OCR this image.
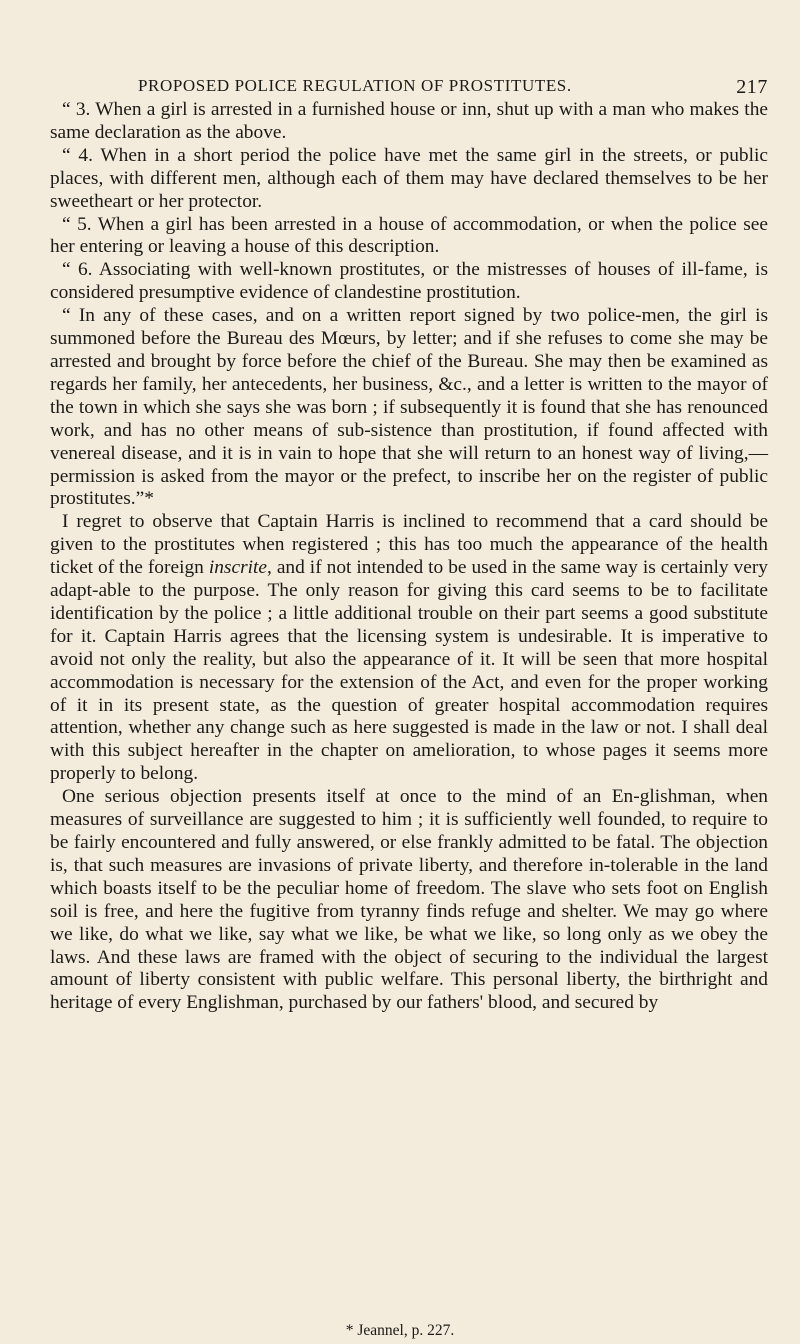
PROPOSED POLICE REGULATION OF PROSTITUTES.	217

“ 3. When a girl is arrested in a furnished house or inn, shut up with a man who makes the same declaration as the above.

“ 4. When in a short period the police have met the same girl in the streets, or public places, with different men, although each of them may have declared themselves to be her sweetheart or her protector.

“ 5. When a girl has been arrested in a house of accommodation, or when the police see her entering or leaving a house of this description.

“ 6. Associating with well-known prostitutes, or the mistresses of houses of ill-fame, is considered presumptive evidence of clandestine prostitution.

“ In any of these cases, and on a written report signed by two police-men, the girl is summoned before the Bureau des Mœurs, by letter; and if she refuses to come she may be arrested and brought by force before the chief of the Bureau. She may then be examined as regards her family, her antecedents, her business, &c., and a letter is written to the mayor of the town in which she says she was born ; if subsequently it is found that she has renounced work, and has no other means of sub-sistence than prostitution, if found affected with venereal disease, and it is in vain to hope that she will return to an honest way of living,— permission is asked from the mayor or the prefect, to inscribe her on the register of public prostitutes.”*

I regret to observe that Captain Harris is inclined to recommend that a card should be given to the prostitutes when registered ; this has too much the appearance of the health ticket of the foreign inscrite, and if not intended to be used in the same way is certainly very adapt-able to the purpose. The only reason for giving this card seems to be to facilitate identification by the police ; a little additional trouble on their part seems a good substitute for it. Captain Harris agrees that the licensing system is undesirable. It is imperative to avoid not only the reality, but also the appearance of it. It will be seen that more hospital accommodation is necessary for the extension of the Act, and even for the proper working of it in its present state, as the question of greater hospital accommodation requires attention, whether any change such as here suggested is made in the law or not. I shall deal with this subject hereafter in the chapter on amelioration, to whose pages it seems more properly to belong.

One serious objection presents itself at once to the mind of an En-glishman, when measures of surveillance are suggested to him ; it is sufficiently well founded, to require to be fairly encountered and fully answered, or else frankly admitted to be fatal. The objection is, that such measures are invasions of private liberty, and therefore in-tolerable in the land which boasts itself to be the peculiar home of freedom. The slave who sets foot on English soil is free, and here the fugitive from tyranny finds refuge and shelter. We may go where we like, do what we like, say what we like, be what we like, so long only as we obey the laws. And these laws are framed with the object of securing to the individual the largest amount of liberty consistent with public welfare. This personal liberty, the birthright and heritage of every Englishman, purchased by our fathers' blood, and secured by

* Jeannel, p. 227.
